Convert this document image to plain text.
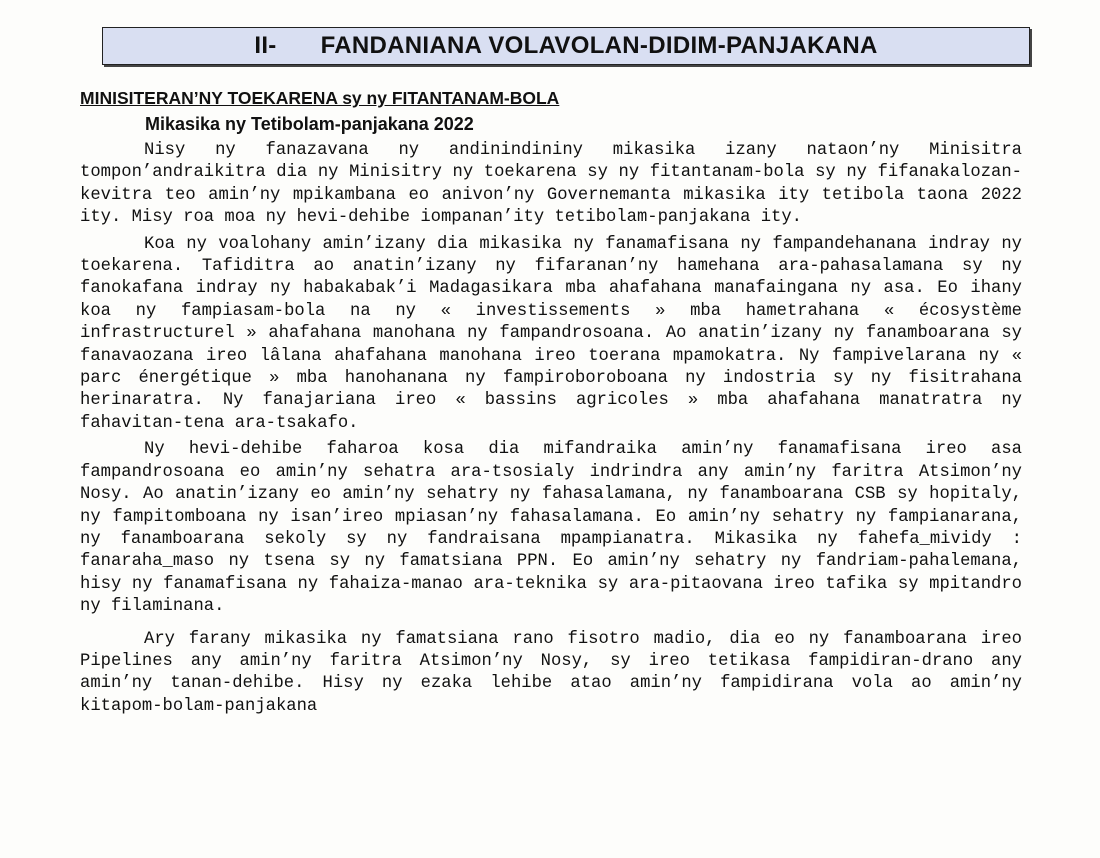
II- FANDANIANA VOLAVOLAN-DIDIM-PANJAKANA
MINISITERAN’NY TOEKARENA sy ny FITANTANAM-BOLA
Mikasika ny Tetibolam-panjakana 2022

Nisy ny fanazavana ny andinindininy mikasika izany nataon’ny Minisitra tompon’andraikitra dia ny Minisitry ny toekarena sy ny fitantanam-bola sy ny fifanakalozan-kevitra teo amin’ny mpikambana eo anivon’ny Governemanta mikasika ity tetibola taona 2022 ity. Misy roa moa ny hevi-dehibe iompanan’ity tetibolam-panjakana ity.

Koa ny voalohany amin’izany dia mikasika ny fanamafisana ny fampandehanana indray ny toekarena. Tafiditra ao anatin’izany ny fifaranan’ny hamehana ara-pahasalamana sy ny fanokafana indray ny habakabak’i Madagasikara mba ahafahana manafaingana ny asa. Eo ihany koa ny fampiasam-bola na ny « investissements » mba hametrahana « écosystème infrastructurel » ahafahana manohana ny fampandrosoana. Ao anatin’izany ny fanamboarana sy fanavaozana ireo lâlana ahafahana manohana ireo toerana mpamokatra. Ny fampivelarana ny « parc énergétique » mba hanohanana ny fampiroboroboana ny indostria sy ny fisitrahana herinaratra. Ny fanajariana ireo « bassins agricoles » mba ahafahana manatratra ny fahavitan-tena ara-tsakafo.

Ny hevi-dehibe faharoa kosa dia mifandraika amin’ny fanamafisana ireo asa fampandrosoana eo amin’ny sehatra ara-tsosialy indrindra any amin’ny faritra Atsimon’ny Nosy. Ao anatin’izany eo amin’ny sehatry ny fahasalamana, ny fanamboarana CSB sy hopitaly, ny fampitomboana ny isan’ireo mpiasan’ny fahasalamana. Eo amin’ny sehatry ny fampianarana, ny fanamboarana sekoly sy ny fandraisana mpampianatra. Mikasika ny fahefa_mividy : fanaraha_maso ny tsena sy ny famatsiana PPN. Eo amin’ny sehatry ny fandriam-pahalemana, hisy ny fanamafisana ny fahaiza-manao ara-teknika sy ara-pitaovana ireo tafika sy mpitandro ny filaminana.

Ary farany mikasika ny famatsiana rano fisotro madio, dia eo ny fanamboarana ireo Pipelines any amin’ny faritra Atsimon’ny Nosy, sy ireo tetikasa fampidiran-drano any amin’ny tanan-dehibe. Hisy ny ezaka lehibe atao amin’ny fampidirana vola ao amin’ny kitapom-bolam-panjakana
